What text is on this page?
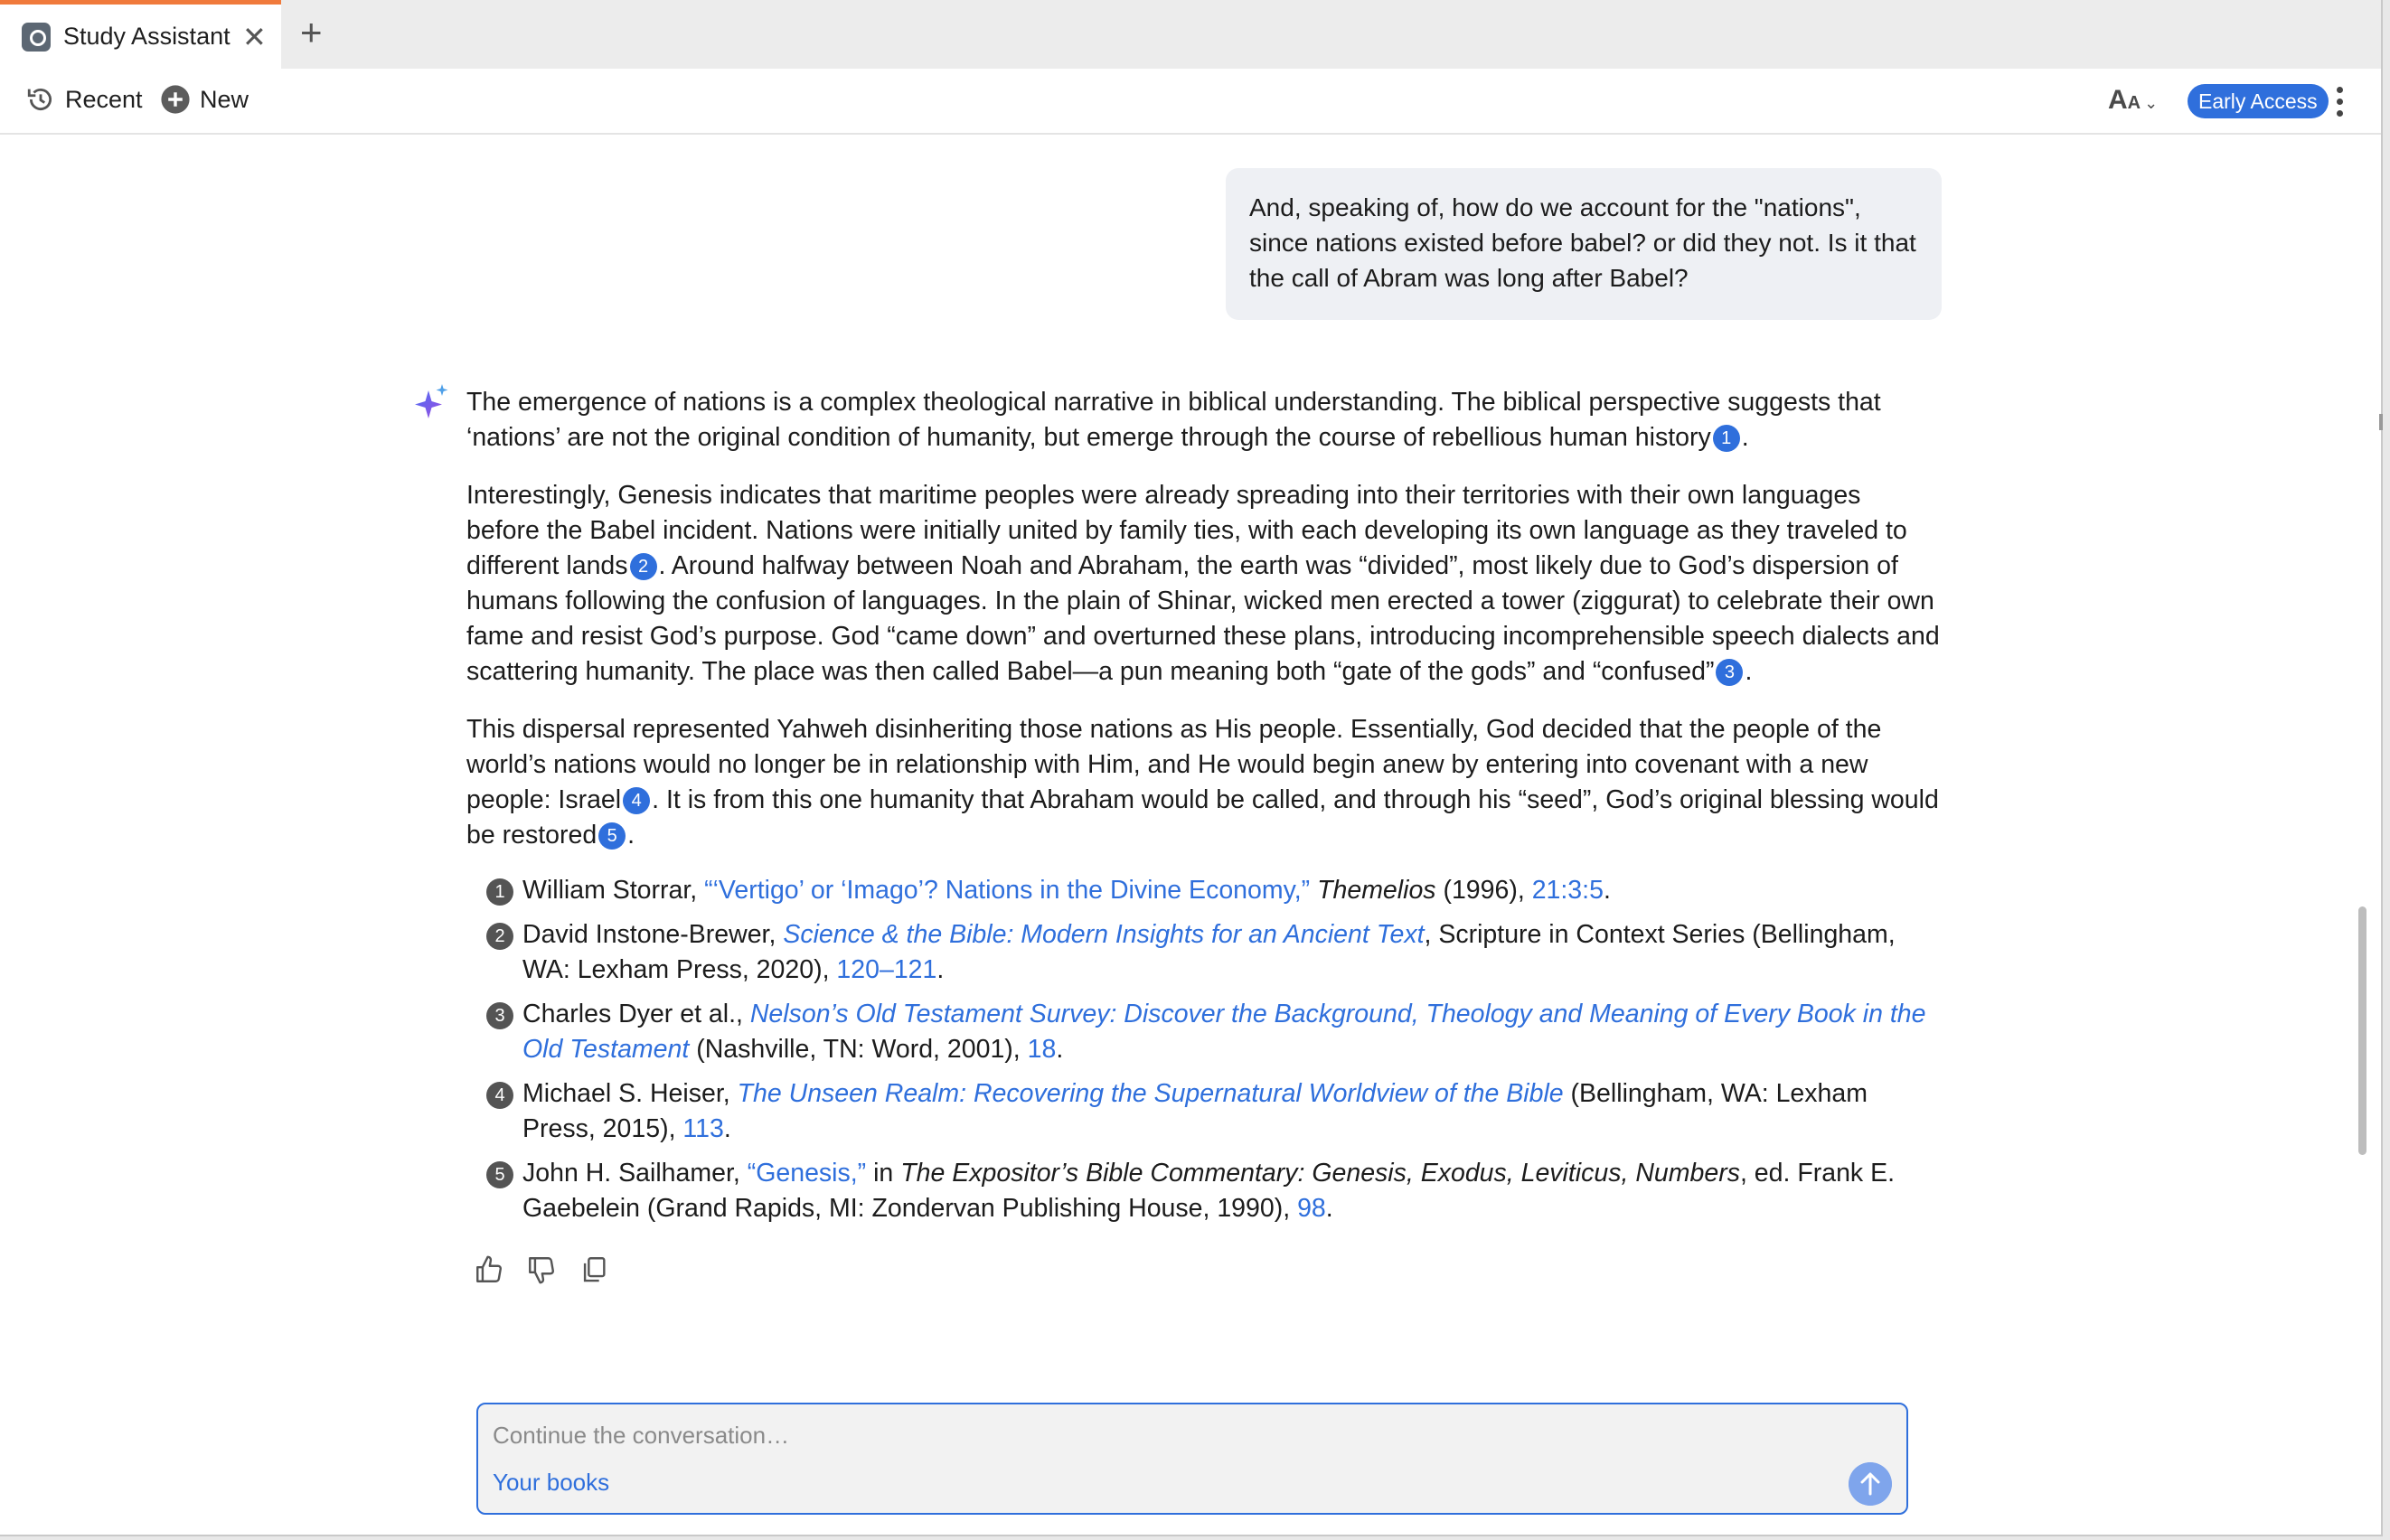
Study Assistant ✕ +
Recent New	AA ⌄	Early Access
And, speaking of, how do we account for the "nations", since nations existed before babel? or did they not. Is it that the call of Abram was long after Babel?

The emergence of nations is a complex theological narrative in biblical understanding. The biblical perspective suggests that ‘nations’ are not the original condition of humanity, but emerge through the course of rebellious human history 1 .

Interestingly, Genesis indicates that maritime peoples were already spreading into their territories with their own languages before the Babel incident. Nations were initially united by family ties, with each developing its own language as they traveled to different lands 2 . Around halfway between Noah and Abraham, the earth was “divided”, most likely due to God’s dispersion of humans following the confusion of languages. In the plain of Shinar, wicked men erected a tower (ziggurat) to celebrate their own fame and resist God’s purpose. God “came down” and overturned these plans, introducing incomprehensible speech dialects and scattering humanity. The place was then called Babel—a pun meaning both “gate of the gods” and “confused” 3 .

This dispersal represented Yahweh disinheriting those nations as His people. Essentially, God decided that the people of the world’s nations would no longer be in relationship with Him, and He would begin anew by entering into covenant with a new people: Israel 4 . It is from this one humanity that Abraham would be called, and through his “seed”, God’s original blessing would be restored 5 .

1 William Storrar, “‘Vertigo’ or ‘Imago’? Nations in the Divine Economy,” Themelios (1996), 21:3:5.
2 David Instone-Brewer, Science & the Bible: Modern Insights for an Ancient Text, Scripture in Context Series (Bellingham, WA: Lexham Press, 2020), 120–121.
3 Charles Dyer et al., Nelson’s Old Testament Survey: Discover the Background, Theology and Meaning of Every Book in the Old Testament (Nashville, TN: Word, 2001), 18.
4 Michael S. Heiser, The Unseen Realm: Recovering the Supernatural Worldview of the Bible (Bellingham, WA: Lexham Press, 2015), 113.
5 John H. Sailhamer, “Genesis,” in The Expositor’s Bible Commentary: Genesis, Exodus, Leviticus, Numbers, ed. Frank E. Gaebelein (Grand Rapids, MI: Zondervan Publishing House, 1990), 98.
Continue the conversation…
Your books
